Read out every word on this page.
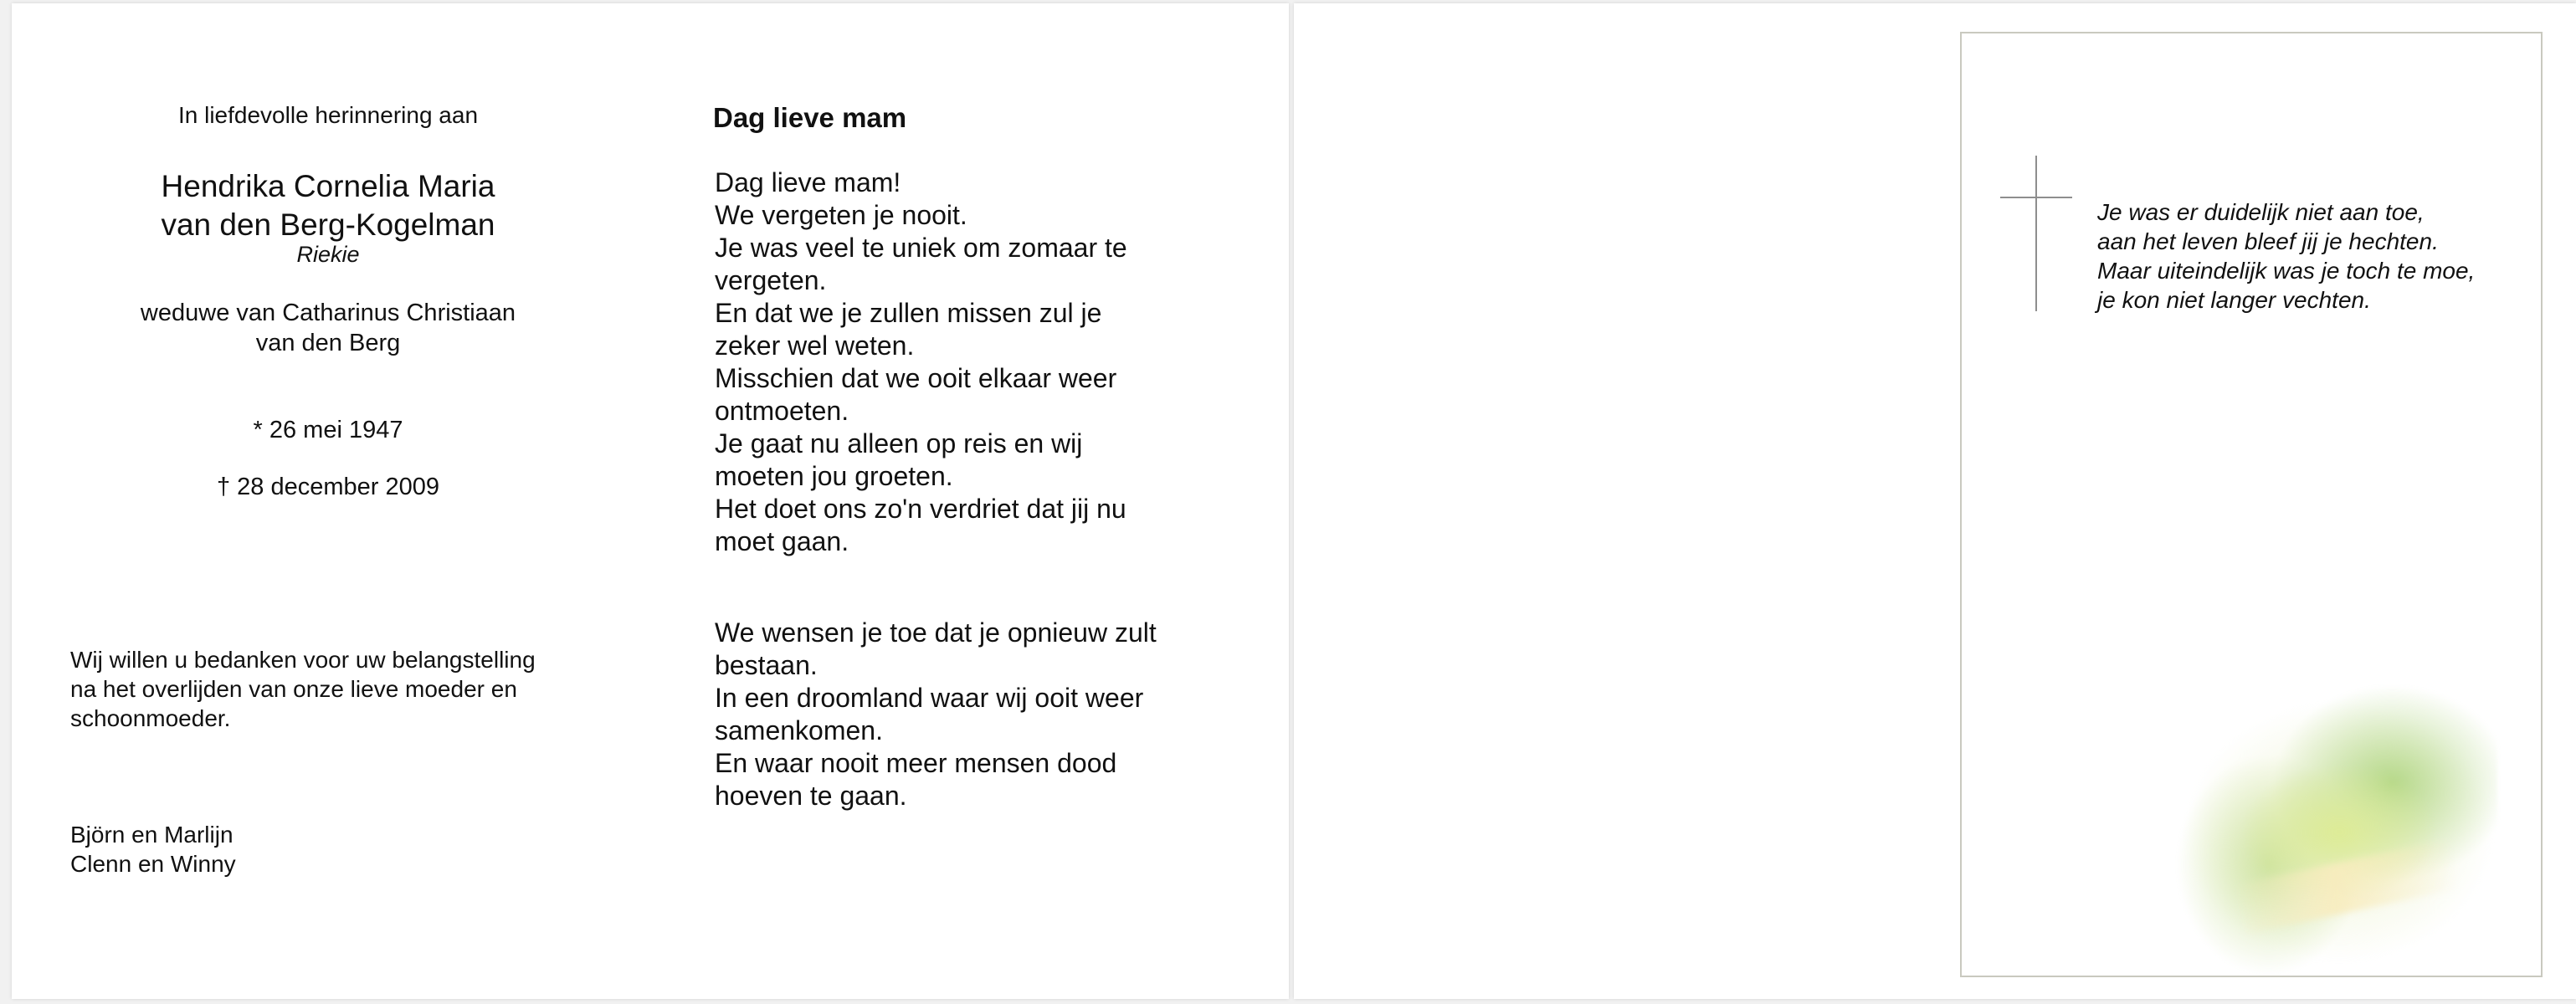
In liefdevolle herinnering aan

Hendrika Cornelia Maria
van den Berg-Kogelman

Riekie

weduwe van Catharinus Christiaan
van den Berg

* 26 mei 1947

† 28 december 2009

Wij willen u bedanken voor uw belangstelling
na het overlijden van onze lieve moeder en
schoonmoeder.
Björn en Marlijn
Clenn en Winny

Dag lieve mam

Dag lieve mam!
We vergeten je nooit.
Je was veel te uniek om zomaar te
vergeten.
En dat we je zullen missen zul je
zeker wel weten.
Misschien dat we ooit elkaar weer
ontmoeten.
Je gaat nu alleen op reis en wij
moeten jou groeten.
Het doet ons zo'n verdriet dat jij nu
moet gaan.
We wensen je toe dat je opnieuw zult
bestaan.
In een droomland waar wij ooit weer
samenkomen.
En waar nooit meer mensen dood
hoeven te gaan.
Je was er duidelijk niet aan toe,
aan het leven bleef jij je hechten.
Maar uiteindelijk was je toch te moe,
je kon niet langer vechten.
